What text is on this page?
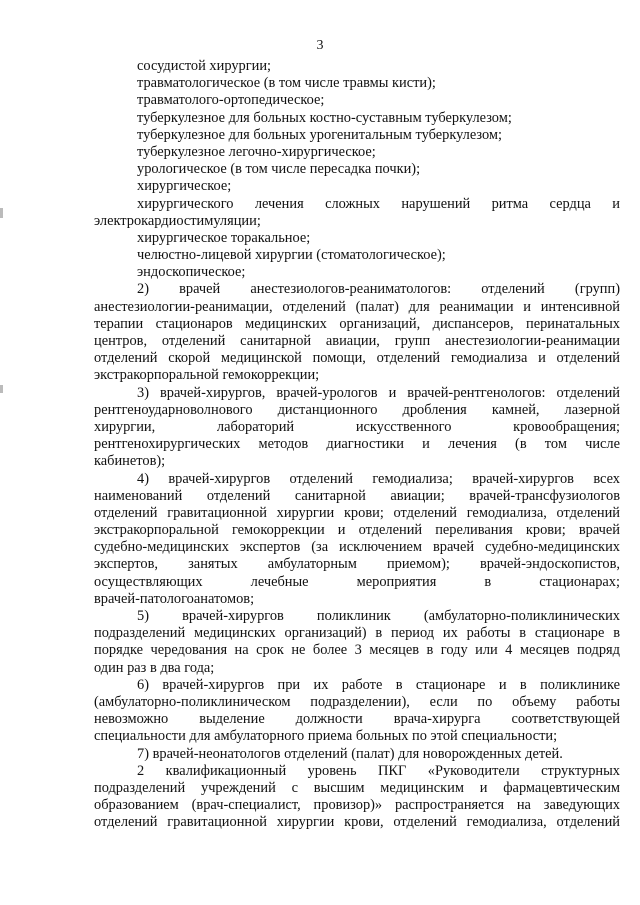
3
сосудистой хирургии;
травматологическое (в том числе травмы кисти);
травматолого-ортопедическое;
туберкулезное для больных костно-суставным туберкулезом;
туберкулезное для больных урогенитальным туберкулезом;
туберкулезное легочно-хирургическое;
урологическое (в том числе пересадка почки);
хирургическое;
хирургического лечения сложных нарушений ритма сердца и
электрокардиостимуляции;
хирургическое торакальное;
челюстно-лицевой хирургии (стоматологическое);
эндоскопическое;
2) врачей анестезиологов-реаниматологов: отделений (групп)
анестезиологии-реанимации, отделений (палат) для реанимации и интенсивной
терапии стационаров медицинских организаций, диспансеров, перинатальных
центров, отделений санитарной авиации, групп анестезиологии-реанимации
отделений скорой медицинской помощи, отделений гемодиализа и отделений
экстракорпоральной гемокоррекции;
3) врачей-хирургов, врачей-урологов и врачей-рентгенологов: отделений
рентгеноударноволнового дистанционного дробления камней, лазерной
хирургии, лабораторий искусственного кровообращения;
рентгенохирургических методов диагностики и лечения (в том числе
кабинетов);
4) врачей-хирургов отделений гемодиализа; врачей-хирургов всех
наименований отделений санитарной авиации; врачей-трансфузиологов
отделений гравитационной хирургии крови; отделений гемодиализа, отделений
экстракорпоральной гемокоррекции и отделений переливания крови; врачей
судебно-медицинских экспертов (за исключением врачей судебно-медицинских
экспертов, занятых амбулаторным приемом); врачей-эндоскопистов,
осуществляющих лечебные мероприятия в стационарах;
врачей-патологоанатомов;
5) врачей-хирургов поликлиник (амбулаторно-поликлинических
подразделений медицинских организаций) в период их работы в стационаре в
порядке чередования на срок не более 3 месяцев в году или 4 месяцев подряд
один раз в два года;
6) врачей-хирургов при их работе в стационаре и в поликлинике
(амбулаторно-поликлиническом подразделении), если по объему работы
невозможно выделение должности врача-хирурга соответствующей
специальности для амбулаторного приема больных по этой специальности;
7) врачей-неонатологов отделений (палат) для новорожденных детей.
2 квалификационный уровень ПКГ «Руководители структурных
подразделений учреждений с высшим медицинским и фармацевтическим
образованием (врач-специалист, провизор)» распространяется на заведующих
отделений гравитационной хирургии крови, отделений гемодиализа, отделений
